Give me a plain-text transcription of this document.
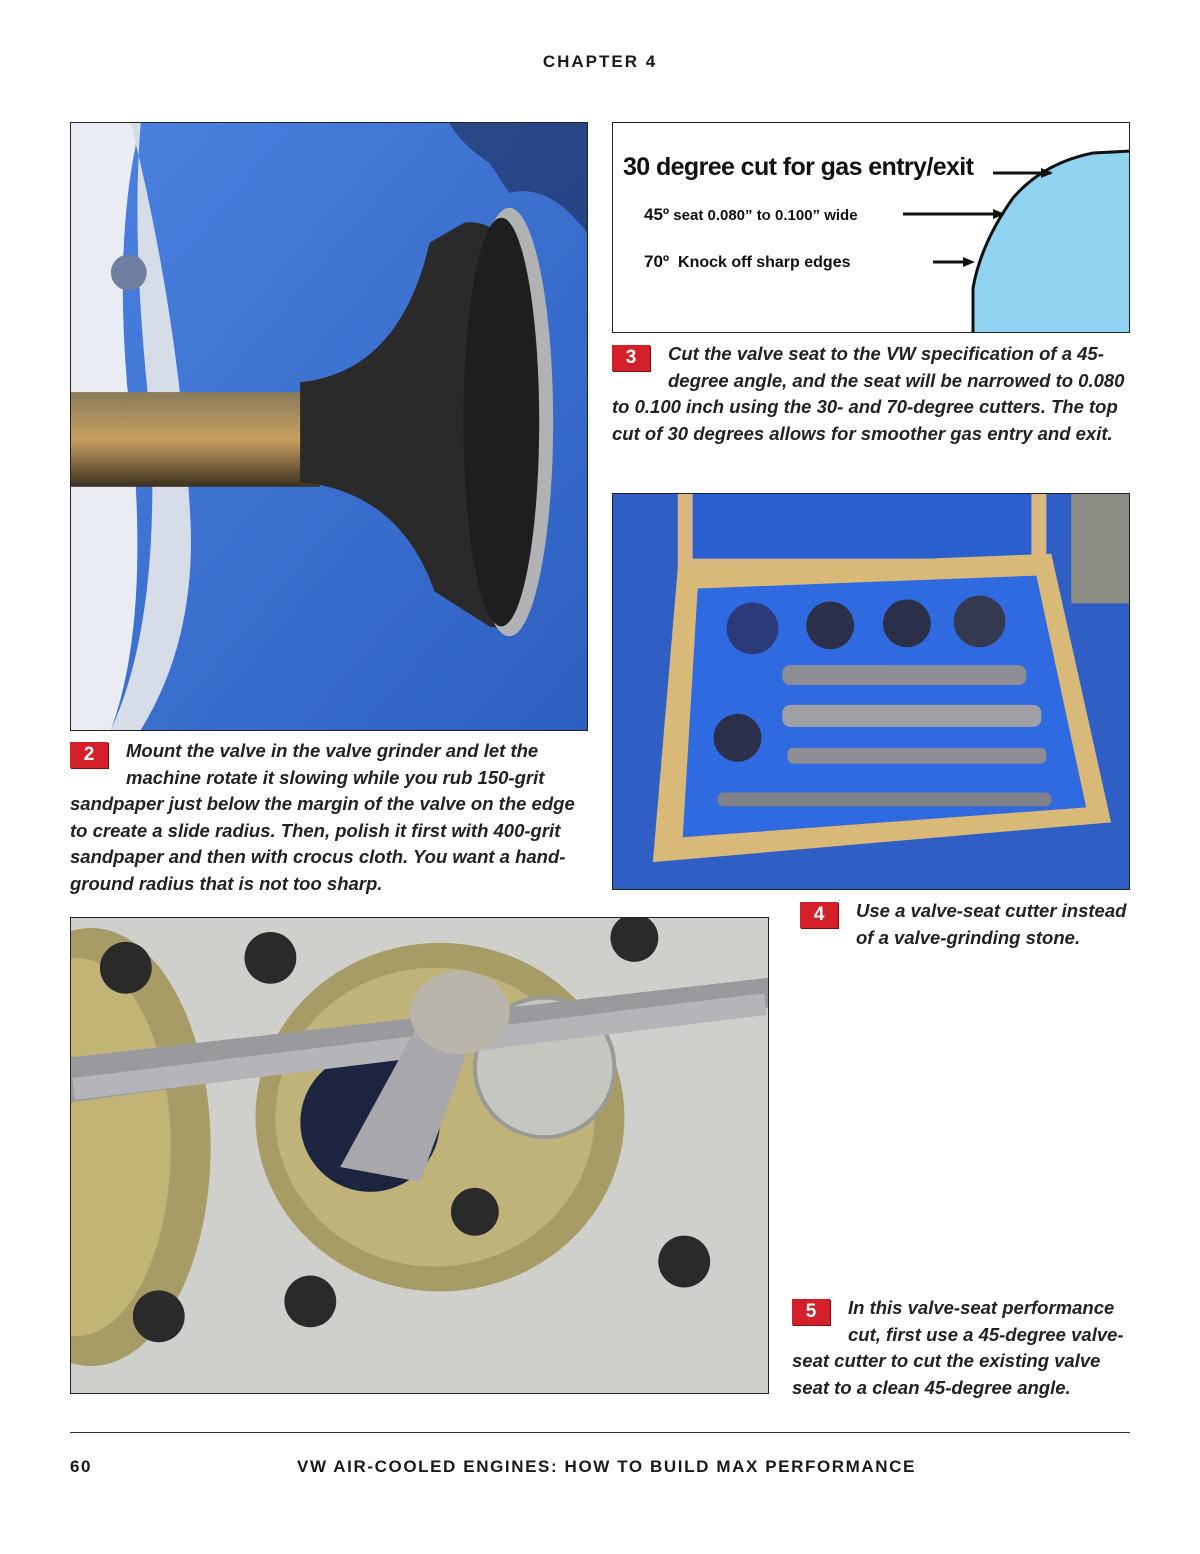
CHAPTER 4
2	Mount the valve in the valve grinder and let the machine rotate it slowing while you rub 150-grit sandpaper just below the margin of the valve on the edge to create a slide radius. Then, polish it first with 400-grit sandpaper and then with crocus cloth. You want a hand-ground radius that is not too sharp.
30 degree cut for gas entry/exit
45º seat 0.080” to 0.100” wide
70º Knock off sharp edges
3	Cut the valve seat to the VW specification of a 45-degree angle, and the seat will be narrowed to 0.080 to 0.100 inch using the 30- and 70-degree cutters. The top cut of 30 degrees allows for smoother gas entry and exit.
4	Use a valve-seat cutter instead of a valve-grinding stone.
5	In this valve-seat performance cut, first use a 45-degree valve-seat cutter to cut the existing valve seat to a clean 45-degree angle.
60	VW AIR-COOLED ENGINES: HOW TO BUILD MAX PERFORMANCE
